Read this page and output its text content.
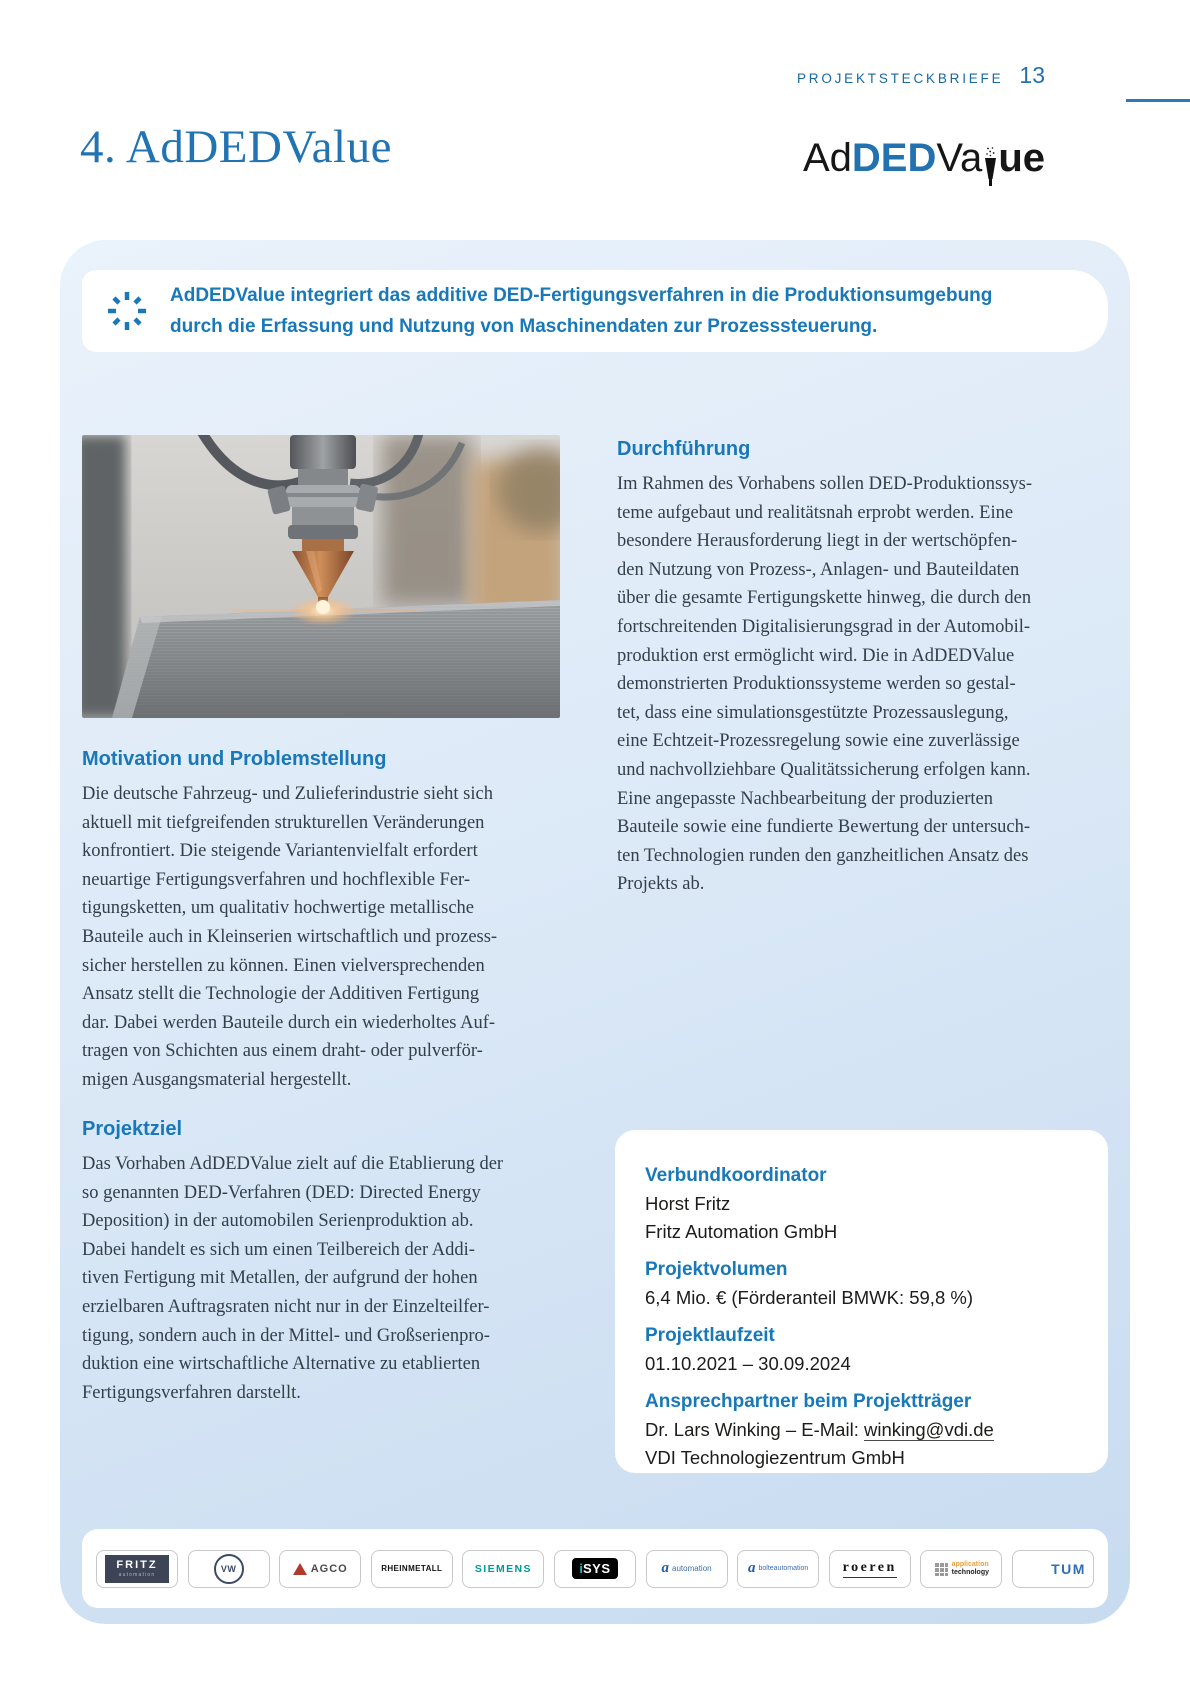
PROJEKTSTECKBRIEFE 13
4. AdDEDValue	Ad DED Va ue
AdDEDValue integriert das additive DED-Fertigungsverfahren in die Produktionsumgebung
durch die Erfassung und Nutzung von Maschinendaten zur Prozesssteuerung.
Motivation und Problemstellung
Die deutsche Fahrzeug- und Zulieferindustrie sieht sich
aktuell mit tiefgreifenden strukturellen Veränderungen
konfrontiert. Die steigende Variantenvielfalt erfordert
neuartige Fertigungsverfahren und hochflexible Fer-
tigungsketten, um qualitativ hochwertige metallische
Bauteile auch in Kleinserien wirtschaftlich und prozess-
sicher herstellen zu können. Einen vielversprechenden
Ansatz stellt die Technologie der Additiven Fertigung
dar. Dabei werden Bauteile durch ein wiederholtes Auf-
tragen von Schichten aus einem draht- oder pulverför-
migen Ausgangsmaterial hergestellt.
Projektziel
Das Vorhaben AdDEDValue zielt auf die Etablierung der
so genannten DED-Verfahren (DED: Directed Energy
Deposition) in der automobilen Serienproduktion ab.
Dabei handelt es sich um einen Teilbereich der Addi-
tiven Fertigung mit Metallen, der aufgrund der hohen
erzielbaren Auftragsraten nicht nur in der Einzelteilfer-
tigung, sondern auch in der Mittel- und Großserienpro-
duktion eine wirtschaftliche Alternative zu etablierten
Fertigungsverfahren darstellt.
Durchführung
Im Rahmen des Vorhabens sollen DED-Produktionssys-
teme aufgebaut und realitätsnah erprobt werden. Eine
besondere Herausforderung liegt in der wertschöpfen-
den Nutzung von Prozess-, Anlagen- und Bauteildaten
über die gesamte Fertigungskette hinweg, die durch den
fortschreitenden Digitalisierungsgrad in der Automobil-
produktion erst ermöglicht wird. Die in AdDEDValue
demonstrierten Produktionssysteme werden so gestal-
tet, dass eine simulationsgestützte Prozessauslegung,
eine Echtzeit-Prozessregelung sowie eine zuverlässige
und nachvollziehbare Qualitätssicherung erfolgen kann.
Eine angepasste Nachbearbeitung der produzierten
Bauteile sowie eine fundierte Bewertung der untersuch-
ten Technologien runden den ganzheitlichen Ansatz des
Projekts ab.
Verbundkoordinator
Horst Fritz
Fritz Automation GmbH
Projektvolumen
6,4 Mio. € (Förderanteil BMWK: 59,8 %)
Projektlaufzeit
01.10.2021 – 30.09.2024
Ansprechpartner beim Projektträger
Dr. Lars Winking – E-Mail: winking@vdi.de
VDI Technologiezentrum GmbH
FRITZ
automation
VW	AGCO	RHEINMETALL	SIEMENS	i SYS	a automation a bolteautomation roeren	application
technology	TUM
